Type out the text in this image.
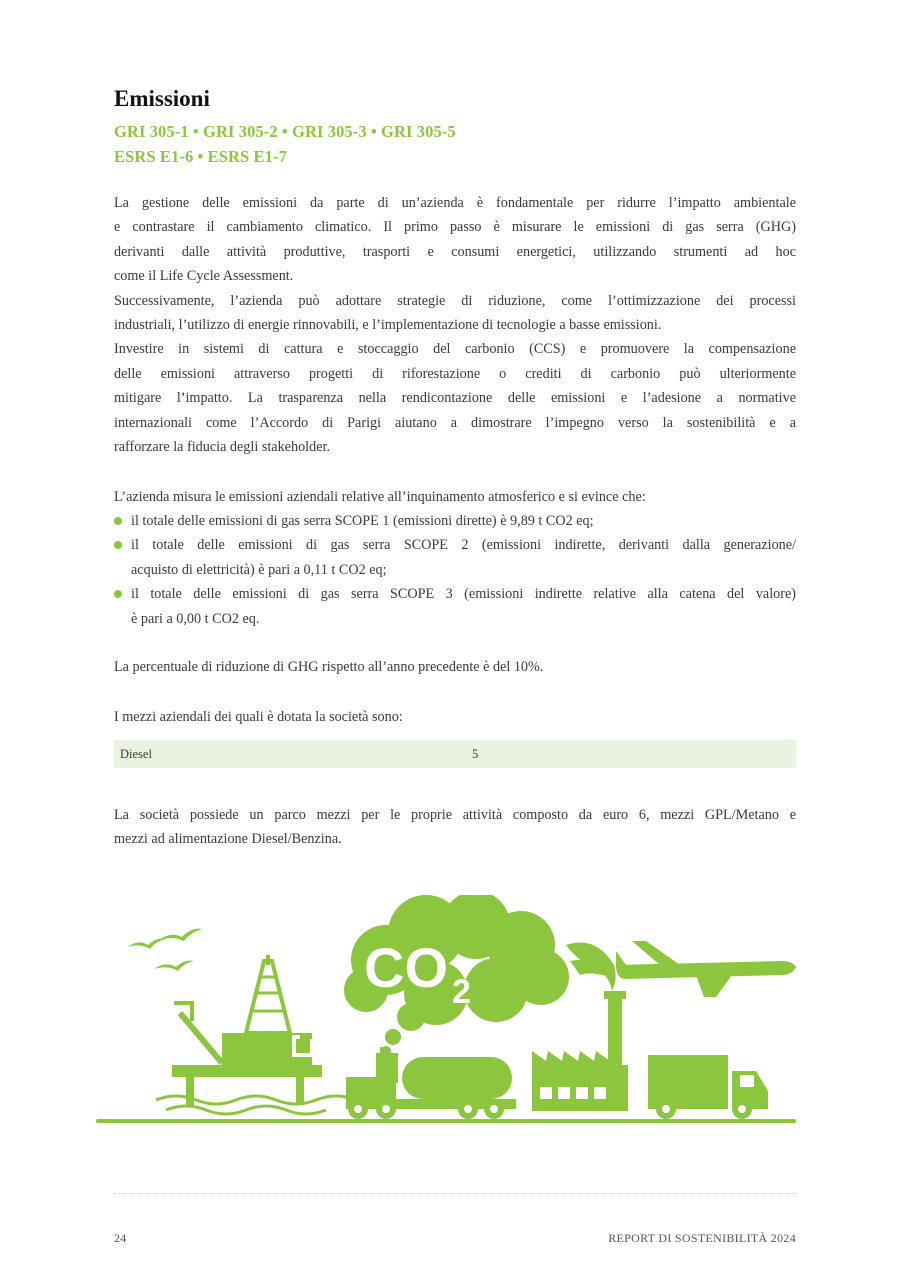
Emissioni
GRI 305-1 • GRI 305-2 • GRI 305-3 • GRI 305-5
ESRS E1-6 • ESRS E1-7
La gestione delle emissioni da parte di un’azienda è fondamentale per ridurre l’impatto ambientale
e contrastare il cambiamento climatico. Il primo passo è misurare le emissioni di gas serra (GHG)
derivanti dalle attività produttive, trasporti e consumi energetici, utilizzando strumenti ad hoc
come il Life Cycle Assessment.
Successivamente, l’azienda può adottare strategie di riduzione, come l’ottimizzazione dei processi
industriali, l’utilizzo di energie rinnovabili, e l’implementazione di tecnologie a basse emissioni.
Investire in sistemi di cattura e stoccaggio del carbonio (CCS) e promuovere la compensazione
delle emissioni attraverso progetti di riforestazione o crediti di carbonio può ulteriormente
mitigare l’impatto. La trasparenza nella rendicontazione delle emissioni e l’adesione a normative
internazionali come l’Accordo di Parigi aiutano a dimostrare l’impegno verso la sostenibilità e a
rafforzare la fiducia degli stakeholder.
L’azienda misura le emissioni aziendali relative all’inquinamento atmosferico e si evince che:
il totale delle emissioni di gas serra SCOPE 1 (emissioni dirette) è 9,89 t CO2 eq;
il totale delle emissioni di gas serra SCOPE 2 (emissioni indirette, derivanti dalla generazione/
acquisto di elettricità) è pari a 0,11 t CO2 eq;
il totale delle emissioni di gas serra SCOPE 3 (emissioni indirette relative alla catena del valore)
è pari a 0,00 t CO2 eq.
La percentuale di riduzione di GHG rispetto all’anno precedente è del 10%.
I mezzi aziendali dei quali è dotata la società sono:
Diesel	5
La società possiede un parco mezzi per le proprie attività composto da euro 6, mezzi GPL/Metano e
mezzi ad alimentazione Diesel/Benzina.
CO 2
24	REPORT DI SOSTENIBILITÀ 2024
